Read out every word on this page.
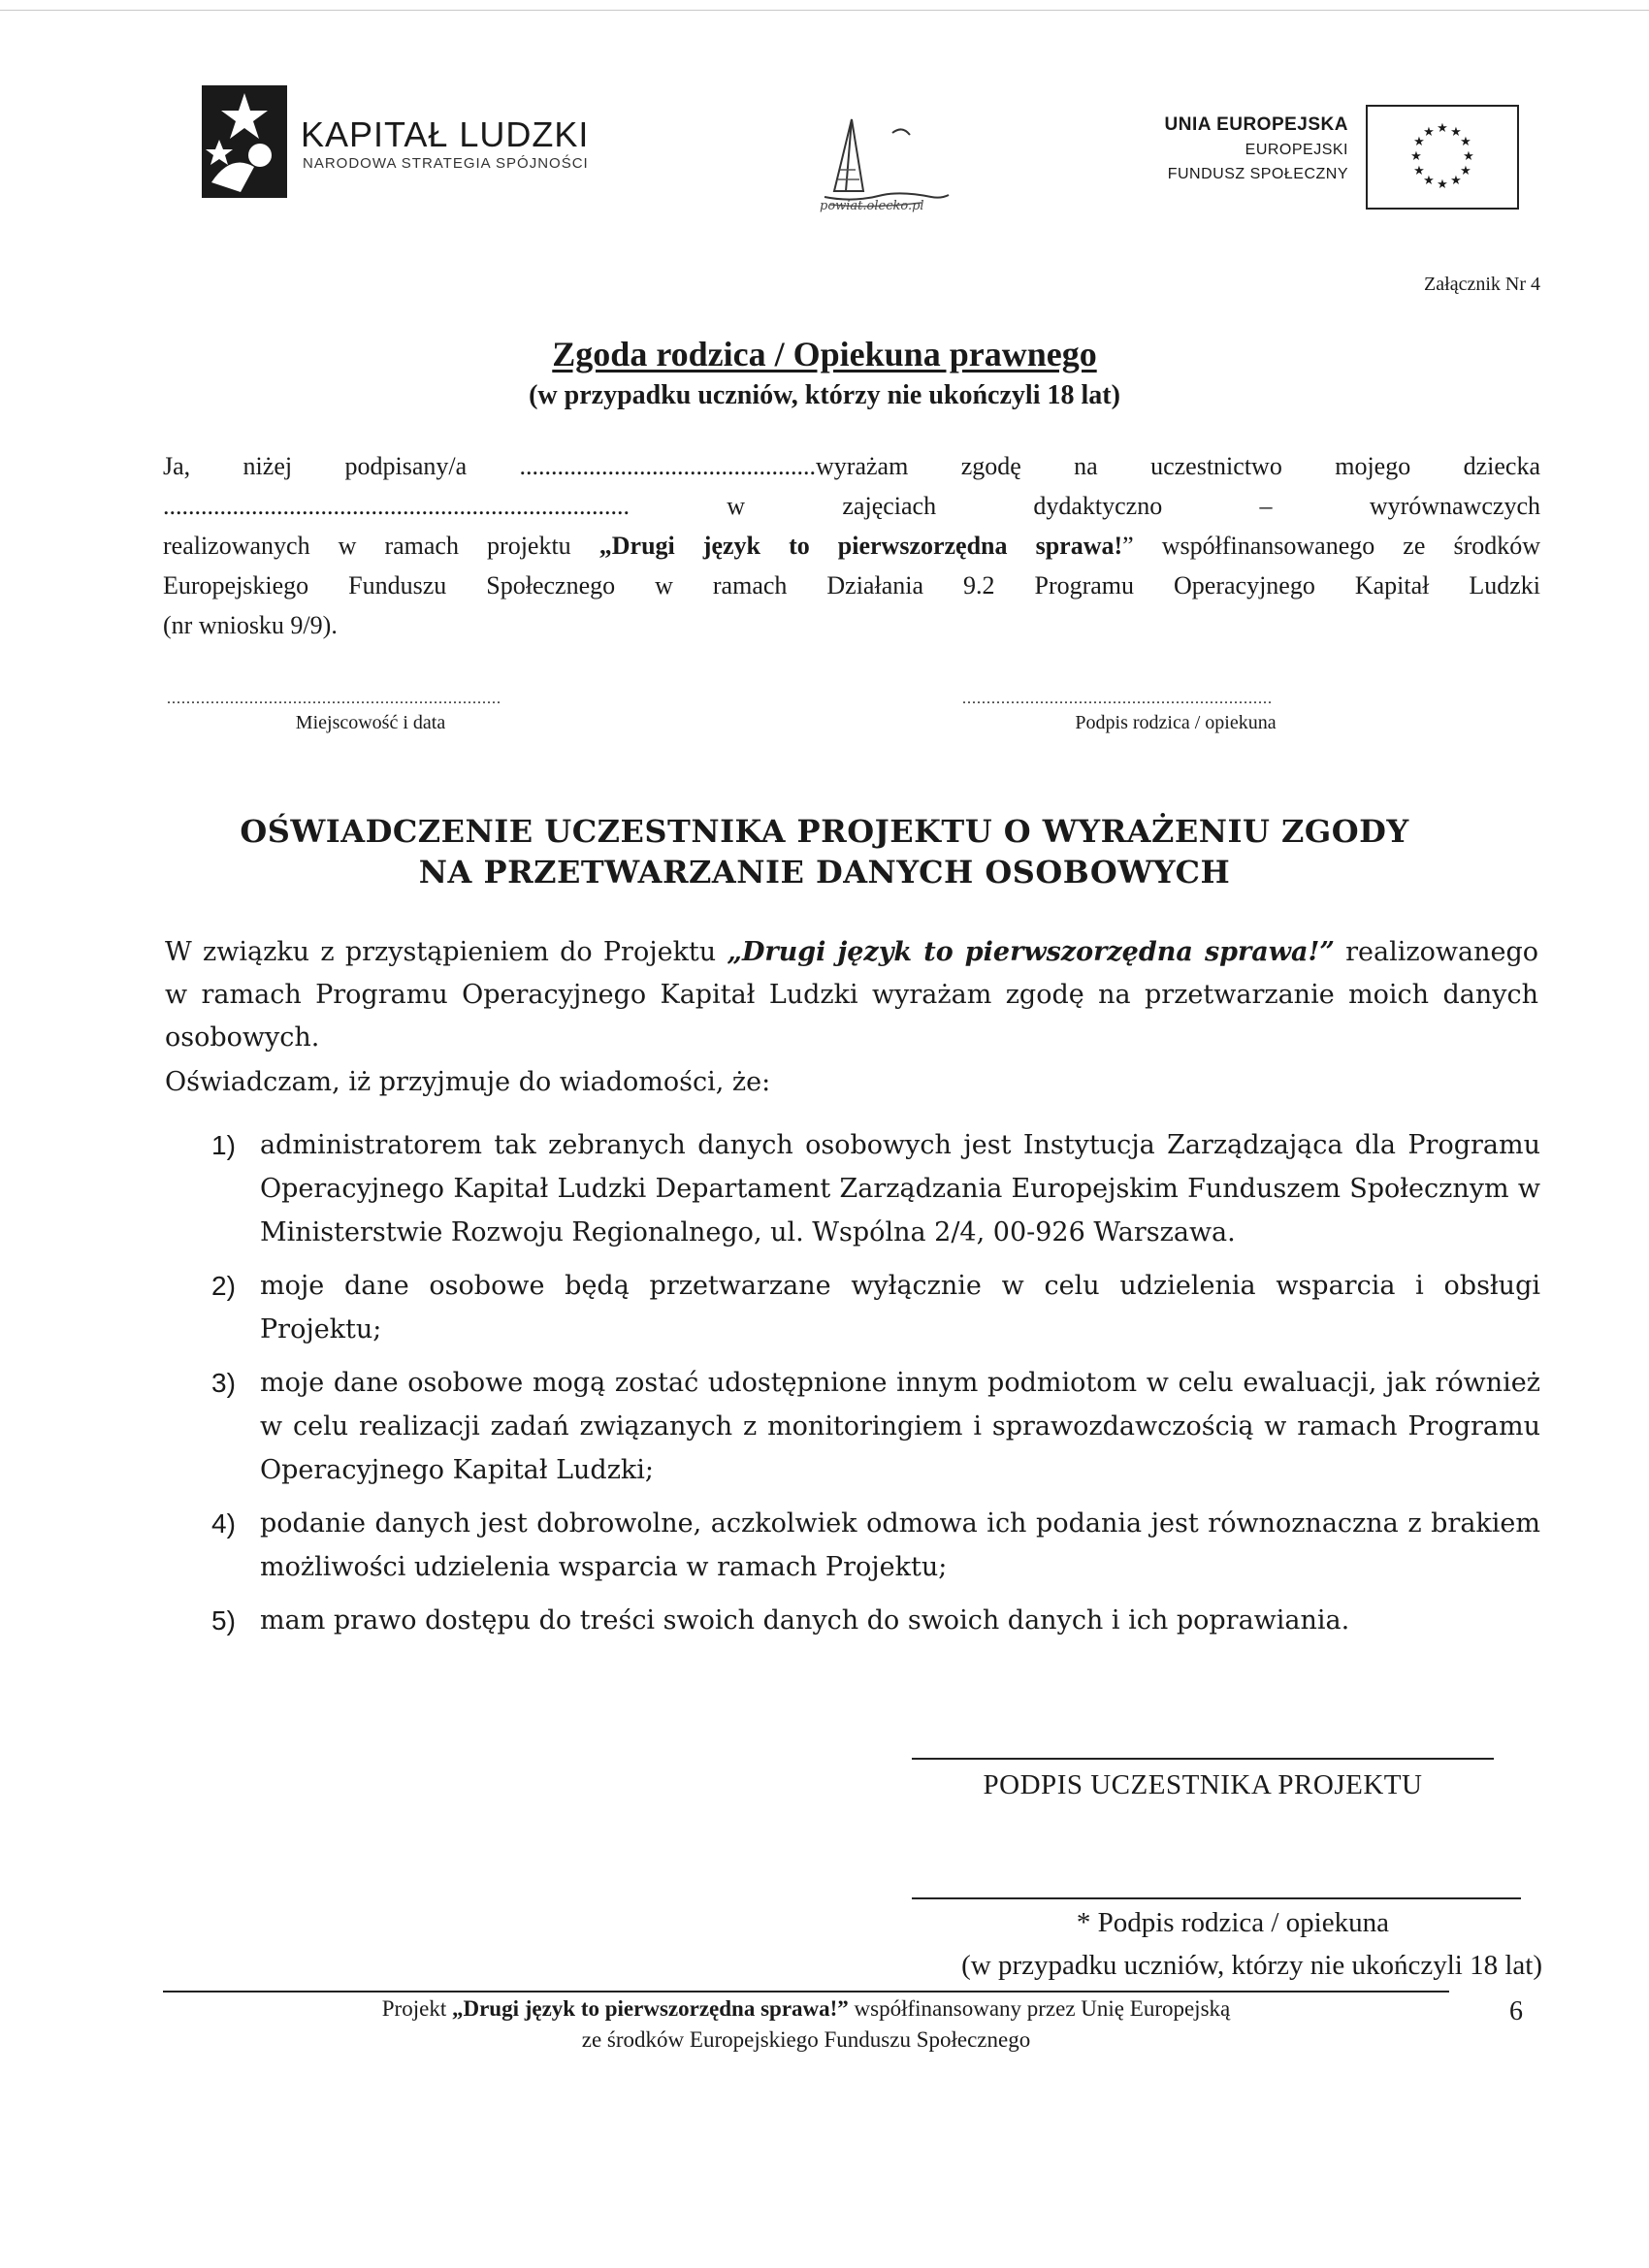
KAPITAŁ LUDZKI
NARODOWA STRATEGIA SPÓJNOŚCI
powiat.olecko.pl
UNIA EUROPEJSKA
EUROPEJSKI
FUNDUSZ SPOŁECZNY
★ ★
★
★
★
★
★
★
★
★
★
★
Załącznik Nr 4
Zgoda rodzica / Opiekuna prawnego
(w przypadku uczniów, którzy nie ukończyli 18 lat)
Ja, niżej podpisany/a ...............................................wyrażam zgodę na uczestnictwo mojego dziecka
.......................................................................... w zajęciach dydaktyczno – wyrównawczych
realizowanych w ramach projektu „Drugi język to pierwszorzędna sprawa!” współfinansowanego ze środków
Europejskiego Funduszu Społecznego w ramach Działania 9.2 Programu Operacyjnego Kapitał Ludzki
(nr wniosku 9/9).
.....................................................................	................................................................
Miejscowość i data	Podpis rodzica / opiekuna
OŚWIADCZENIE UCZESTNIKA PROJEKTU O WYRAŻENIU ZGODY
NA PRZETWARZANIE DANYCH OSOBOWYCH
W związku z przystąpieniem do Projektu „Drugi język to pierwszorzędna sprawa!” realizowanego w ramach Programu Operacyjnego Kapitał Ludzki wyrażam zgodę na przetwarzanie moich danych osobowych.
Oświadczam, iż przyjmuje do wiadomości, że:
1) administratorem tak zebranych danych osobowych jest Instytucja Zarządzająca dla Programu Operacyjnego Kapitał Ludzki Departament Zarządzania Europejskim Funduszem Społecznym w Ministerstwie Rozwoju Regionalnego, ul. Wspólna 2/4, 00-926 Warszawa.
2) moje dane osobowe będą przetwarzane wyłącznie w celu udzielenia wsparcia i obsługi Projektu;
3) moje dane osobowe mogą zostać udostępnione innym podmiotom w celu ewaluacji, jak również w celu realizacji zadań związanych z monitoringiem i sprawozdawczością w ramach Programu Operacyjnego Kapitał Ludzki;
4) podanie danych jest dobrowolne, aczkolwiek odmowa ich podania jest równoznaczna z brakiem możliwości udzielenia wsparcia w ramach Projektu;
5) mam prawo dostępu do treści swoich danych do swoich danych i ich poprawiania.
PODPIS UCZESTNIKA PROJEKTU
* Podpis rodzica / opiekuna
(w przypadku uczniów, którzy nie ukończyli 18 lat)
Projekt „Drugi język to pierwszorzędna sprawa!” współfinansowany przez Unię Europejską
ze środków Europejskiego Funduszu Społecznego
6
